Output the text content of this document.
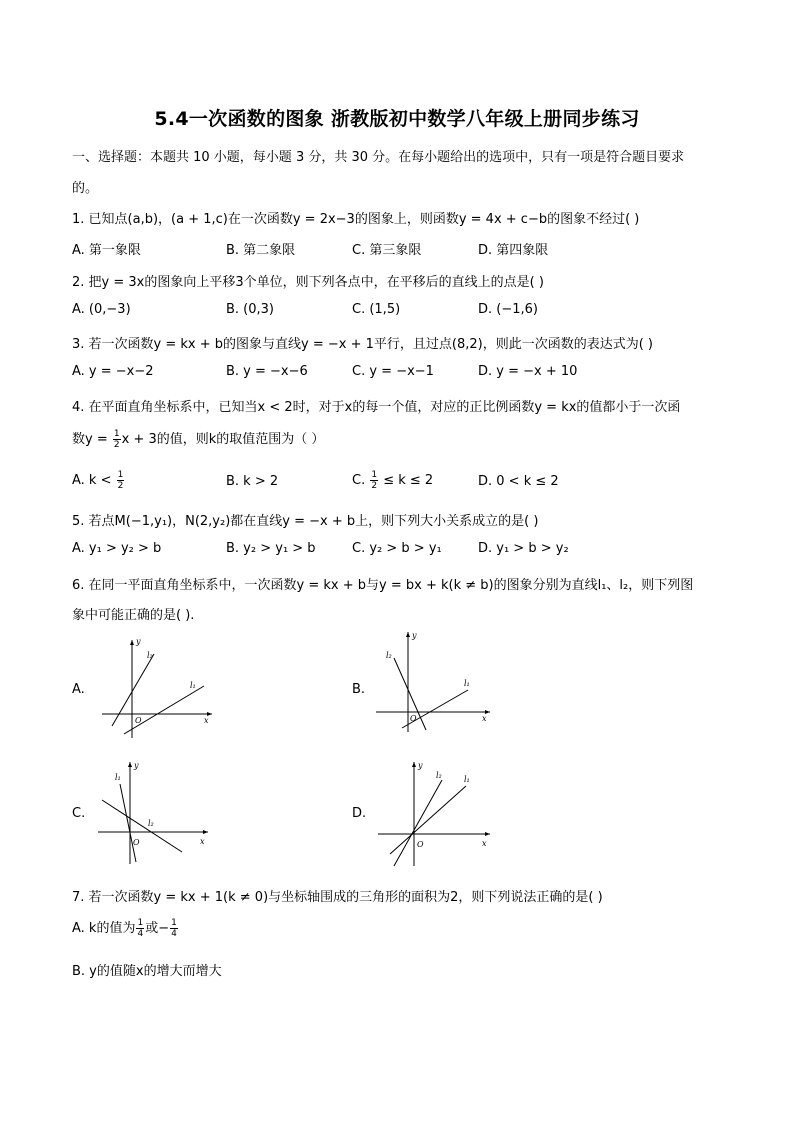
5.4一次函数的图象 浙教版初中数学八年级上册同步练习
一、选择题：本题共 10 小题，每小题 3 分，共 30 分。在每小题给出的选项中，只有一项是符合题目要求
的。
1. 已知点(a,b)，(a + 1,c)在一次函数y = 2x−3的图象上，则函数y = 4x + c−b的图象不经过( )
A. 第一象限	B. 第二象限	C. 第三象限	D. 第四象限
2. 把y = 3x的图象向上平移3个单位，则下列各点中，在平移后的直线上的点是( )
A. (0,−3)	B. (0,3)	C. (1,5)	D. (−1,6)
3. 若一次函数y = kx + b的图象与直线y = −x + 1平行，且过点(8,2)，则此一次函数的表达式为( )
A. y = −x−2	B. y = −x−6	C. y = −x−1	D. y = −x + 10
4. 在平面直角坐标系中，已知当x < 2时，对于x的每一个值，对应的正比例函数y = kx的值都小于一次函
数$y = \frac{1}{2}$ x + 3的值，则k的取值范围为（ ）
A. $k < \frac{1}{2}$	B. k > 2	C. $\frac{1}{2} \le k \le 2$	D. 0 < k ≤ 2
5. 若点M(−1,y₁)，N(2,y₂)都在直线y = −x + b上，则下列大小关系成立的是( )
A. y₁ > y₂ > b	B. y₂ > y₁ > b	C. y₂ > b > y₁	D. y₁ > b > y₂
6. 在同一平面直角坐标系中，一次函数y = kx + b与y = bx + k(k ≠ b)的图象分别为直线l₁、l₂，则下列图
象中可能正确的是( ).
A.
y
x
O
l₂
l₁	B.
y
x
O
l₂
l₁
C.
y
x
O
l₁
l₂
D.
y
x
O
l₂	l₁
7. 若一次函数y = kx + 1(k ≠ 0)与坐标轴围成的三角形的面积为2，则下列说法正确的是( )
A. k的值为 $\frac{1}{4}$ 或− $\frac{1}{4}$
B. y的值随x的增大而增大
